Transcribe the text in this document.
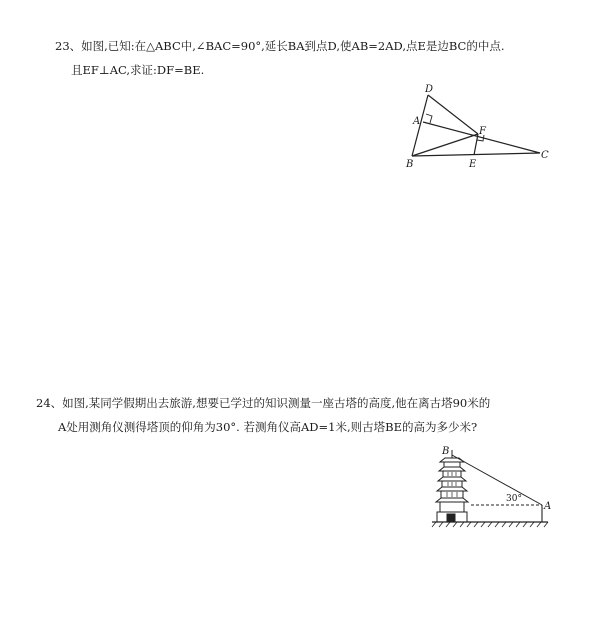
23、如图,已知:在△ABC中,∠BAC=90°,延长BA到点D,使AB=2AD,点E是边BC的中点.
且EF⊥AC,求证:DF=BE.
D
A
F
B	E
C
24、如图,某同学假期出去旅游,想要已学过的知识测量一座古塔的高度,他在离古塔90米的
A处用测角仪测得塔顶的仰角为30°. 若测角仪高AD=1米,则古塔BE的高为多少米?
B
A
30°
